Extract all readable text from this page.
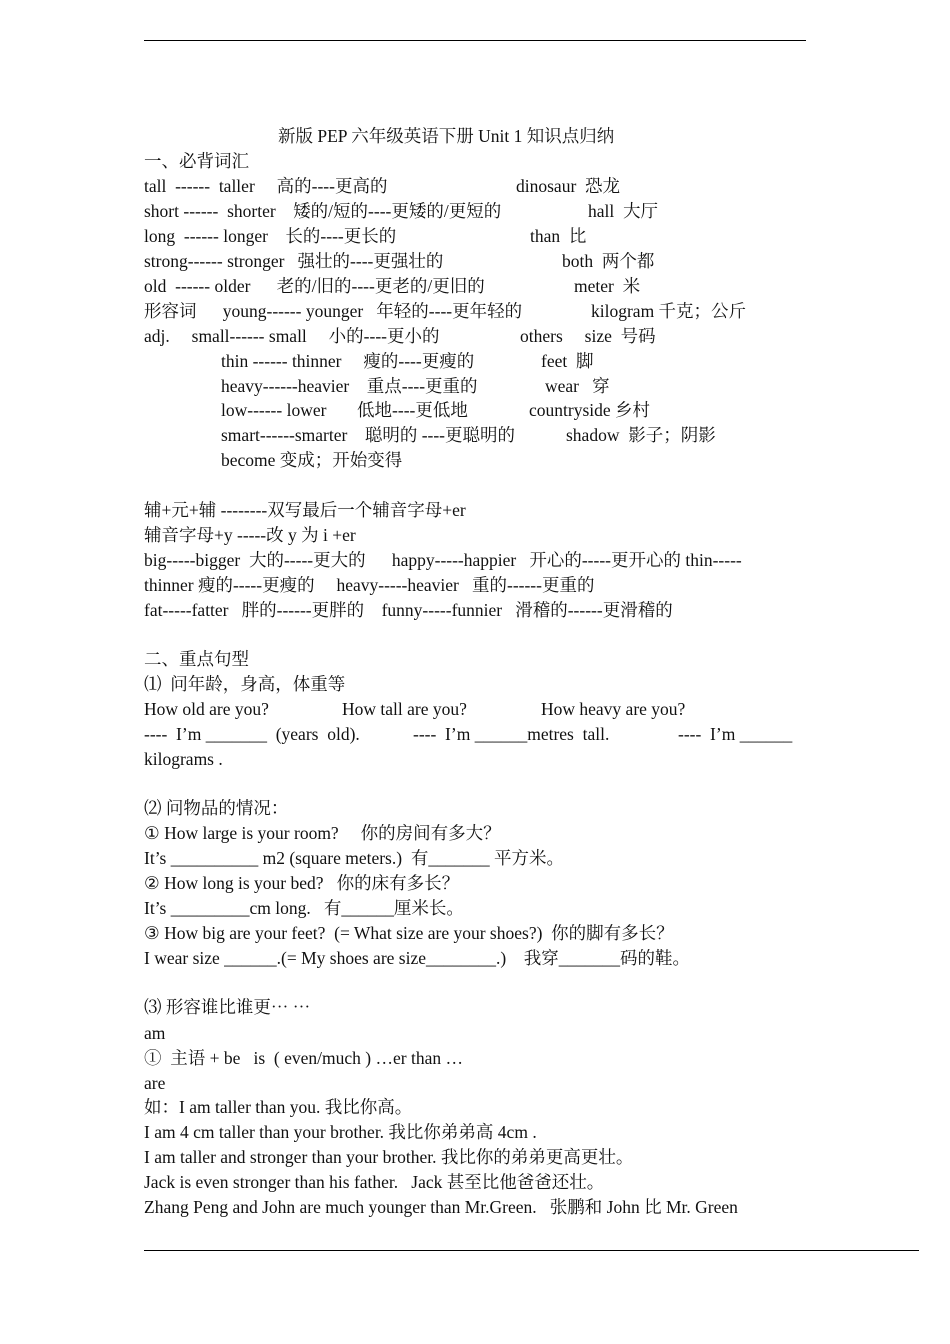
新版 PEP 六年级英语下册 Unit 1 知识点归纳
一、必背词汇
tall  ------  taller     高的----更高的	dinosaur  恐龙
short ------  shorter    矮的/短的----更矮的/更短的	hall  大厅
long  ------ longer    长的----更长的	than  比
strong------ stronger   强壮的----更强壮的	both  两个都
old  ------ older      老的/旧的----更老的/更旧的	meter  米
形容词      young------ younger   年轻的----更年轻的	kilogram 千克；公斤
adj.     small------ small     小的----更小的	others     size  号码
thin ------ thinner     瘦的----更瘦的	feet  脚
heavy------heavier    重点----更重的	wear   穿
low------ lower       低地----更低地	countryside 乡村
smart------smarter    聪明的 ----更聪明的	shadow  影子；阴影
become 变成；开始变得
辅+元+辅 --------双写最后一个辅音字母+er
辅音字母+y -----改 y 为 i +er
big-----bigger  大的-----更大的      happy-----happier   开心的-----更开心的 thin-----
thinner 瘦的-----更瘦的     heavy-----heavier   重的------更重的
fat-----fatter   胖的------更胖的    funny-----funnier   滑稽的------更滑稽的
二、重点句型
⑴  问年龄，身高，体重等
How old are you?	How tall are you?	How heavy are you?
----  I’m _______  (years  old).	----  I’m ______metres  tall.	----  I’m ______
kilograms .
⑵ 问物品的情况：
① How large is your room?     你的房间有多大？
It’s __________ m2 (square meters.)  有_______ 平方米。
② How long is your bed?   你的床有多长？
It’s _________cm long.   有______厘米长。
③ How big are your feet?  (= What size are your shoes?)  你的脚有多长？
I wear size ______.(= My shoes are size________.)    我穿_______码的鞋。
⑶ 形容谁比谁更⋯ ⋯
am
①  主语 + be   is  ( even/much ) …er than …
are
如：I am taller than you. 我比你高。
I am 4 cm taller than your brother. 我比你弟弟高 4cm .
I am taller and stronger than your brother. 我比你的弟弟更高更壮。
Jack is even stronger than his father.   Jack 甚至比他爸爸还壮。
Zhang Peng and John are much younger than Mr.Green.   张鹏和 John 比 Mr. Green
